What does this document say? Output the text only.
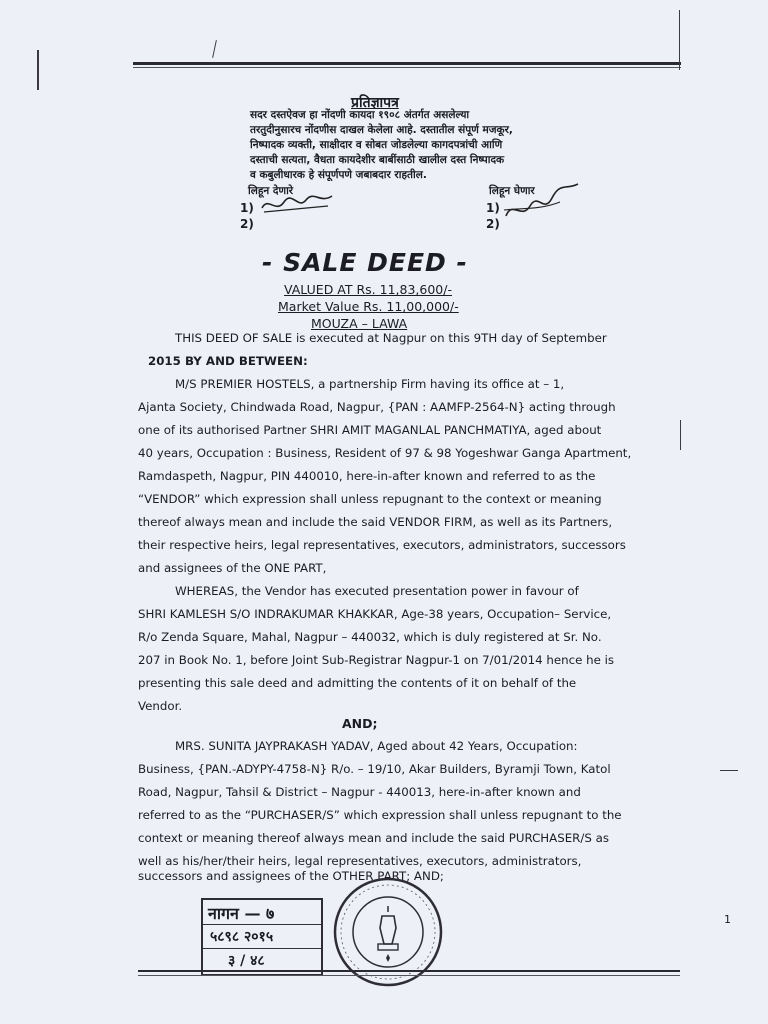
प्रतिज्ञापत्र
सदर दस्तऐवज हा नोंदणी कायदा १९०८ अंतर्गत असलेल्या
तरतुदीनुसारच नोंदणीस दाखल केलेला आहे. दस्तातील संपूर्ण मजकूर,
निष्पादक व्यक्ती, साक्षीदार व सोबत जोडलेल्या कागदपत्रांची आणि
दस्ताची सत्यता, वैधता कायदेशीर बाबींसाठी खालील दस्त निष्पादक
व कबुलीधारक हे संपूर्णपणे जबाबदार राहतील.
लिहून देणारे
1)
2)
लिहून घेणार
1)
2)
- SALE DEED -
VALUED AT Rs. 11,83,600/-
Market Value Rs. 11,00,000/-
MOUZA – LAWA
THIS DEED OF SALE is executed at Nagpur on this 9TH day of September
2015 BY AND BETWEEN:
M/S PREMIER HOSTELS, a partnership Firm having its office at – 1,
Ajanta Society, Chindwada Road, Nagpur, {PAN : AAMFP-2564-N} acting through
one of its authorised Partner SHRI AMIT MAGANLAL PANCHMATIYA, aged about
40 years, Occupation : Business, Resident of 97 & 98 Yogeshwar Ganga Apartment,
Ramdaspeth, Nagpur, PIN 440010, here-in-after known and referred to as the
“VENDOR” which expression shall unless repugnant to the context or meaning
thereof always mean and include the said VENDOR FIRM, as well as its Partners,
their respective heirs, legal representatives, executors, administrators, successors
and assignees of the ONE PART,
WHEREAS, the Vendor has executed presentation power in favour of
SHRI KAMLESH S/O INDRAKUMAR KHAKKAR, Age-38 years, Occupation– Service,
R/o Zenda Square, Mahal, Nagpur – 440032, which is duly registered at Sr. No.
207 in Book No. 1, before Joint Sub-Registrar Nagpur-1 on 7/01/2014 hence he is
presenting this sale deed and admitting the contents of it on behalf of the
Vendor.
AND;
MRS. SUNITA JAYPRAKASH YADAV, Aged about 42 Years, Occupation:
Business, {PAN.-ADYPY-4758-N} R/o. – 19/10, Akar Builders, Byramji Town, Katol
Road, Nagpur, Tahsil & District – Nagpur - 440013, here-in-after known and
referred to as the “PURCHASER/S” which expression shall unless repugnant to the
context or meaning thereof always mean and include the said PURCHASER/S as
well as his/her/their heirs, legal representatives, executors, administrators,
successors and assignees of the OTHER PART; AND;
नागन — ७
५८९८ २०१५
३ / ४८
1
